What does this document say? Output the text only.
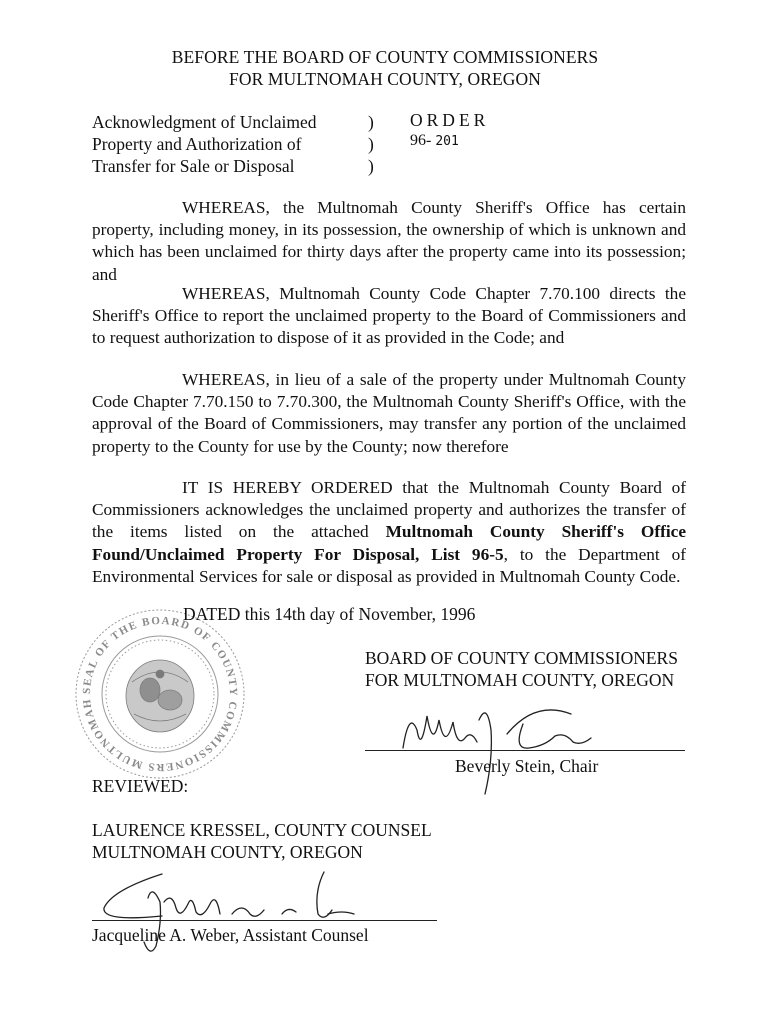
BEFORE THE BOARD OF COUNTY COMMISSIONERS
FOR MULTNOMAH COUNTY, OREGON
Acknowledgment of Unclaimed
Property and Authorization of
Transfer for Sale or Disposal
)
)
)
ORDER
96- 201

WHEREAS, the Multnomah County Sheriff's Office has certain property, including money, in its possession, the ownership of which is unknown and which has been unclaimed for thirty days after the property came into its possession; and

WHEREAS, Multnomah County Code Chapter 7.70.100 directs the Sheriff's Office to report the unclaimed property to the Board of Commissioners and to request authorization to dispose of it as provided in the Code; and

WHEREAS, in lieu of a sale of the property under Multnomah County Code Chapter 7.70.150 to 7.70.300, the Multnomah County Sheriff's Office, with the approval of the Board of Commissioners, may transfer any portion of the unclaimed property to the County for use by the County; now therefore

IT IS HEREBY ORDERED that the Multnomah County Board of Commissioners acknowledges the unclaimed property and authorizes the transfer of the items listed on the attached Multnomah County Sheriff's Office Found/Unclaimed Property For Disposal, List 96-5, to the Department of Environmental Services for sale or disposal as provided in Multnomah County Code.

SEAL OF THE BOARD OF COUNTY COMMISSIONERS MULTNOMAH COUNTY OREGON
DATED this 14th day of November, 1996
BOARD OF COUNTY COMMISSIONERS
FOR MULTNOMAH COUNTY, OREGON
Beverly Stein, Chair
REVIEWED:
LAURENCE KRESSEL, COUNTY COUNSEL
MULTNOMAH COUNTY, OREGON
Jacqueline A. Weber, Assistant Counsel
